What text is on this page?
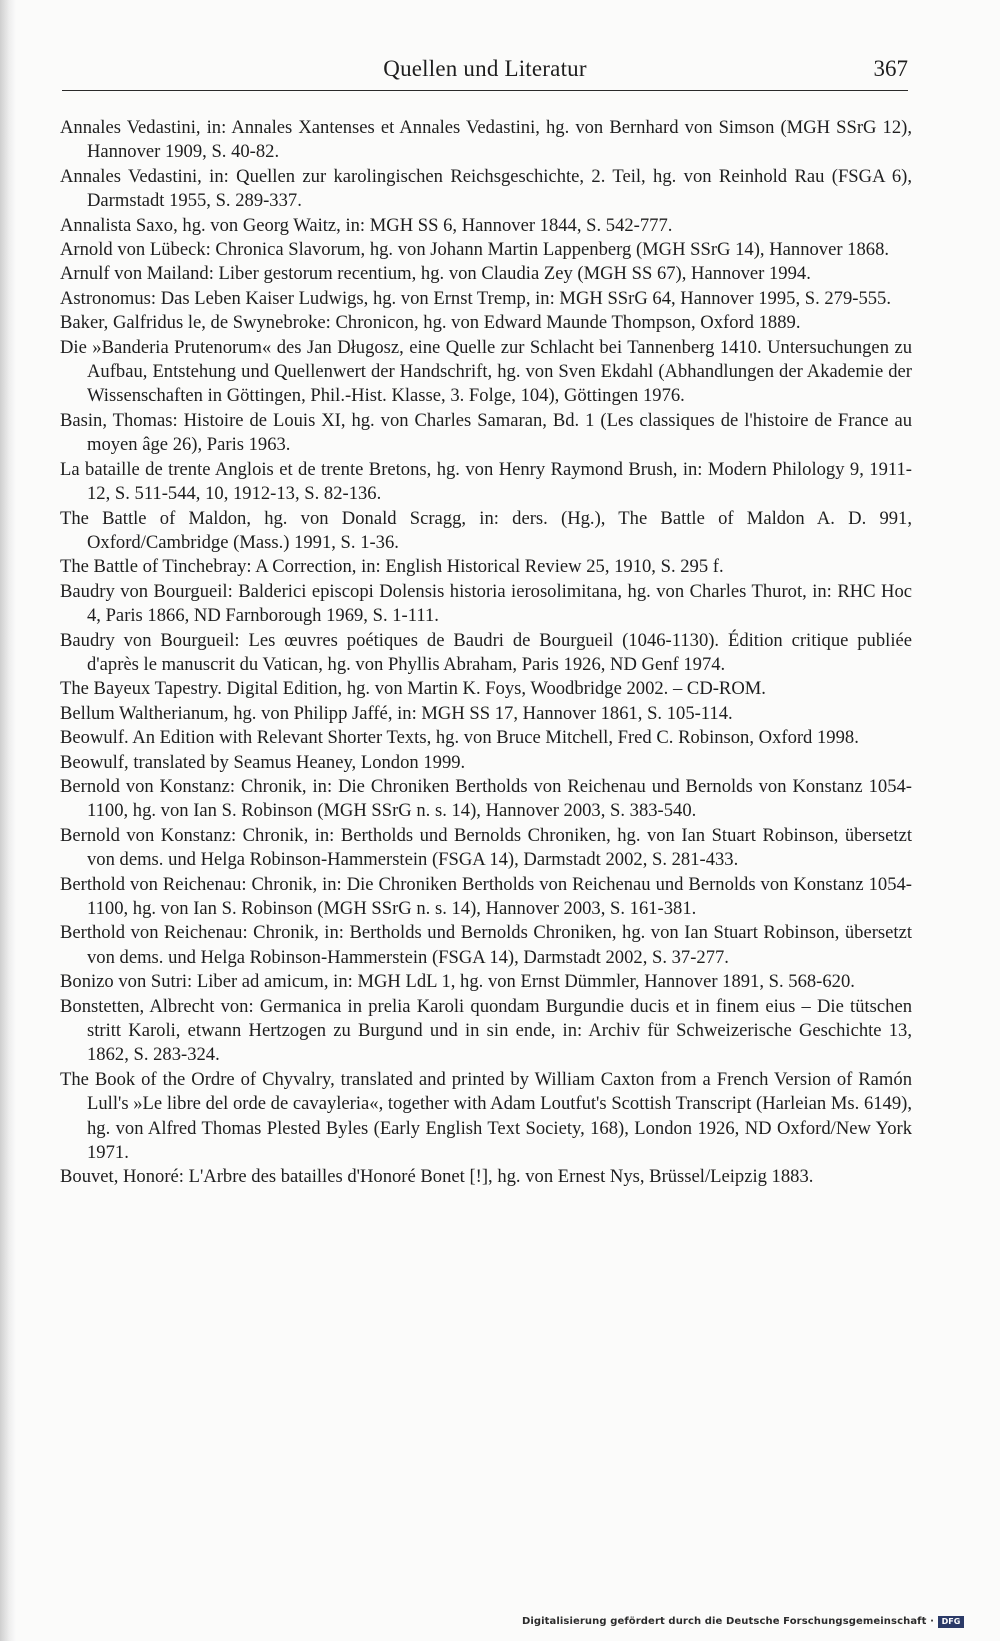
Quellen und Literatur	367
Annales Vedastini, in: Annales Xantenses et Annales Vedastini, hg. von Bernhard von Simson (MGH SSrG 12), Hannover 1909, S. 40-82.
Annales Vedastini, in: Quellen zur karolingischen Reichsgeschichte, 2. Teil, hg. von Reinhold Rau (FSGA 6), Darmstadt 1955, S. 289-337.
Annalista Saxo, hg. von Georg Waitz, in: MGH SS 6, Hannover 1844, S. 542-777.
Arnold von Lübeck: Chronica Slavorum, hg. von Johann Martin Lappenberg (MGH SSrG 14), Hannover 1868.
Arnulf von Mailand: Liber gestorum recentium, hg. von Claudia Zey (MGH SS 67), Hannover 1994.
Astronomus: Das Leben Kaiser Ludwigs, hg. von Ernst Tremp, in: MGH SSrG 64, Hannover 1995, S. 279-555.
Baker, Galfridus le, de Swynebroke: Chronicon, hg. von Edward Maunde Thompson, Oxford 1889.
Die »Banderia Prutenorum« des Jan Długosz, eine Quelle zur Schlacht bei Tannenberg 1410. Untersuchungen zu Aufbau, Entstehung und Quellenwert der Handschrift, hg. von Sven Ekdahl (Abhandlungen der Akademie der Wissenschaften in Göttingen, Phil.-Hist. Klasse, 3. Folge, 104), Göttingen 1976.
Basin, Thomas: Histoire de Louis XI, hg. von Charles Samaran, Bd. 1 (Les classiques de l'histoire de France au moyen âge 26), Paris 1963.
La bataille de trente Anglois et de trente Bretons, hg. von Henry Raymond Brush, in: Modern Philology 9, 1911-12, S. 511-544, 10, 1912-13, S. 82-136.
The Battle of Maldon, hg. von Donald Scragg, in: ders. (Hg.), The Battle of Maldon A. D. 991, Oxford/Cambridge (Mass.) 1991, S. 1-36.
The Battle of Tinchebray: A Correction, in: English Historical Review 25, 1910, S. 295 f.
Baudry von Bourgueil: Balderici episcopi Dolensis historia ierosolimitana, hg. von Charles Thurot, in: RHC Hoc 4, Paris 1866, ND Farnborough 1969, S. 1-111.
Baudry von Bourgueil: Les œuvres poétiques de Baudri de Bourgueil (1046-1130). Édition critique publiée d'après le manuscrit du Vatican, hg. von Phyllis Abraham, Paris 1926, ND Genf 1974.
The Bayeux Tapestry. Digital Edition, hg. von Martin K. Foys, Woodbridge 2002. – CD-ROM.
Bellum Waltherianum, hg. von Philipp Jaffé, in: MGH SS 17, Hannover 1861, S. 105-114.
Beowulf. An Edition with Relevant Shorter Texts, hg. von Bruce Mitchell, Fred C. Robinson, Oxford 1998.
Beowulf, translated by Seamus Heaney, London 1999.
Bernold von Konstanz: Chronik, in: Die Chroniken Bertholds von Reichenau und Bernolds von Konstanz 1054-1100, hg. von Ian S. Robinson (MGH SSrG n. s. 14), Hannover 2003, S. 383-540.
Bernold von Konstanz: Chronik, in: Bertholds und Bernolds Chroniken, hg. von Ian Stuart Robinson, übersetzt von dems. und Helga Robinson-Hammerstein (FSGA 14), Darmstadt 2002, S. 281-433.
Berthold von Reichenau: Chronik, in: Die Chroniken Bertholds von Reichenau und Bernolds von Konstanz 1054-1100, hg. von Ian S. Robinson (MGH SSrG n. s. 14), Hannover 2003, S. 161-381.
Berthold von Reichenau: Chronik, in: Bertholds und Bernolds Chroniken, hg. von Ian Stuart Robinson, übersetzt von dems. und Helga Robinson-Hammerstein (FSGA 14), Darmstadt 2002, S. 37-277.
Bonizo von Sutri: Liber ad amicum, in: MGH LdL 1, hg. von Ernst Dümmler, Hannover 1891, S. 568-620.
Bonstetten, Albrecht von: Germanica in prelia Karoli quondam Burgundie ducis et in finem eius – Die tütschen stritt Karoli, etwann Hertzogen zu Burgund und in sin ende, in: Archiv für Schweizerische Geschichte 13, 1862, S. 283-324.
The Book of the Ordre of Chyvalry, translated and printed by William Caxton from a French Version of Ramón Lull's »Le libre del orde de cavayleria«, together with Adam Loutfut's Scottish Transcript (Harleian Ms. 6149), hg. von Alfred Thomas Plested Byles (Early English Text Society, 168), London 1926, ND Oxford/New York 1971.
Bouvet, Honoré: L'Arbre des batailles d'Honoré Bonet [!], hg. von Ernest Nys, Brüssel/Leipzig 1883.
Digitalisierung gefördert durch die Deutsche Forschungsgemeinschaft · DFG
